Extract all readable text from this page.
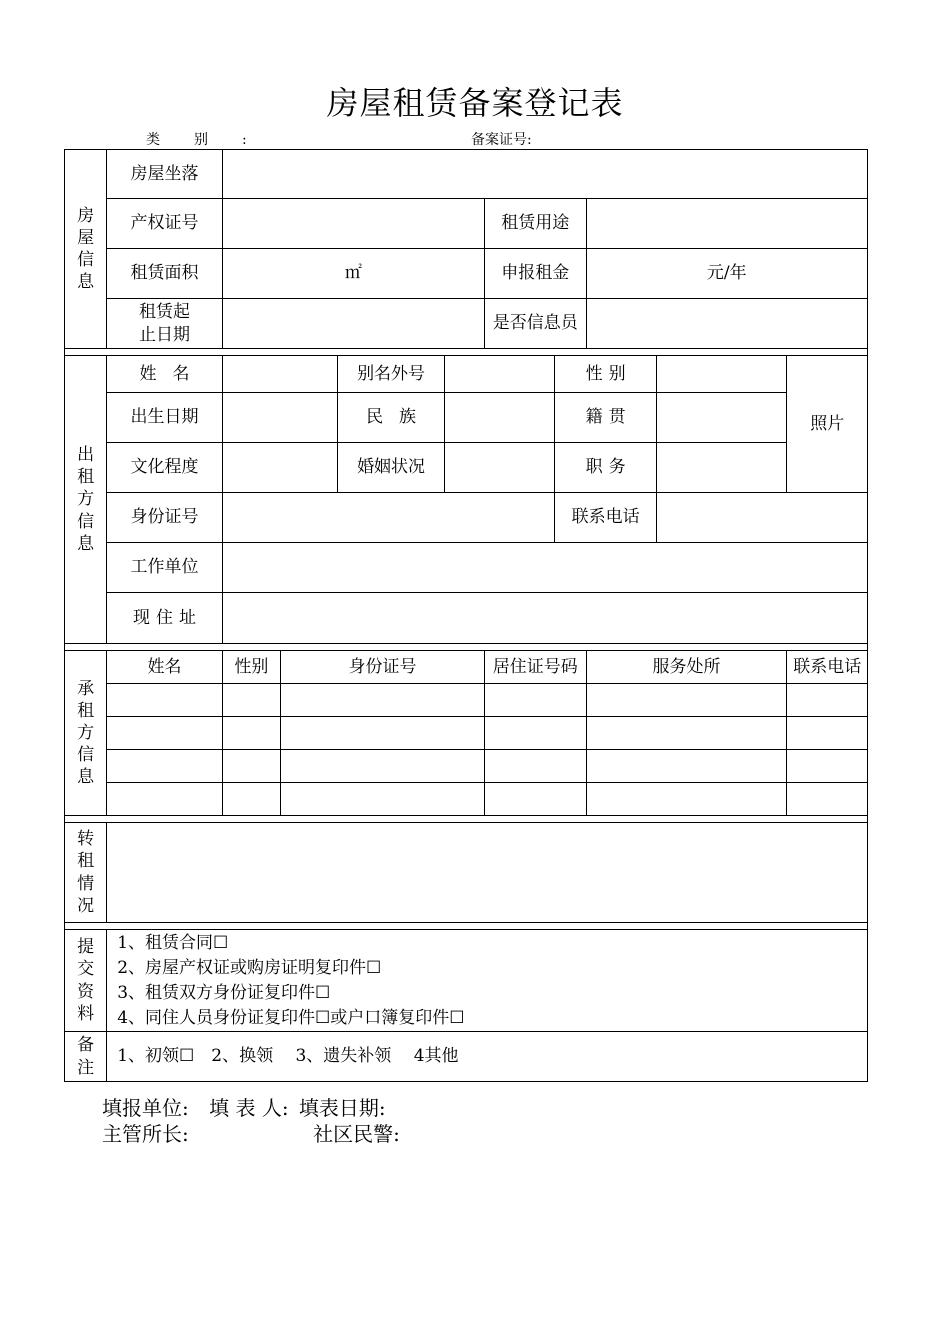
房屋租赁备案登记表
类别:	备案证号:
房
屋
信
息	房屋坐落									
	产权证号					租赁用途				
	租赁面积	㎡				申报租金		元/年		

	租赁起
止日期					是否信息员				

出
租
方
信
息	姓名			别名外号			性别			照片
	出生日期			民族			籍贯			
	文化程度			婚姻状况			职务			
	身份证号						联系电话			
	工作单位									
	现住址									

承
租
方
信
息	姓名	性别	身份证号			居住证号码		服务处所		联系电话

转
租
情
况										

提
交
资
料	1、租赁合同☐
2、房屋产权证或购房证明复印件☐
3、租赁双方身份证复印件☐
4、同住人员身份证复印件☐或户口簿复印件☐									

备
注	1、初领☐　2、换领　 3、遗失补领　 4其他									
填报单位: 填 表 人: 填表日期:
主管所长:	社区民警:
